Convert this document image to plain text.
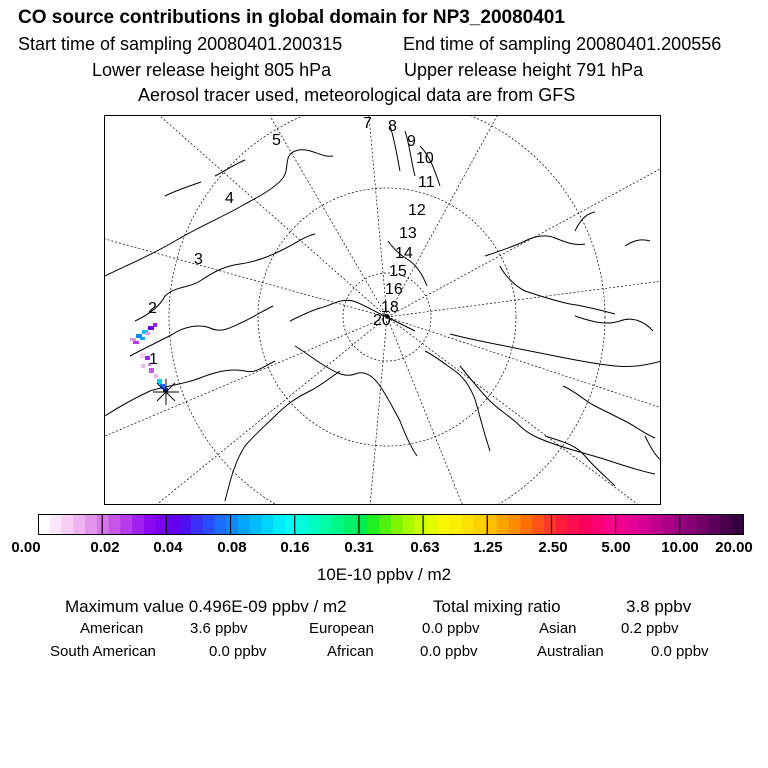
CO source contributions in global domain for NP3_20080401
Start time of sampling 20080401.200315	End time of sampling 20080401.200556
Lower release height 805 hPa	Upper release height 791 hPa
Aerosol tracer used, meteorological data are from GFS
1
2
3
4
5
7 8
9
10
11
12
13
14
15
16
18
20
0.00	0.02 0.04 0.08 0.16 0.31 0.63 1.25 2.50 5.00 10.00 20.00
10E-10 ppbv / m2
Maximum value 0.496E-09 ppbv / m2	Total mixing ratio	3.8 ppbv
American	3.6 ppbv	European	0.0 ppbv	Asian	0.2 ppbv
South American	0.0 ppbv	African	0.0 ppbv	Australian	0.0 ppbv
